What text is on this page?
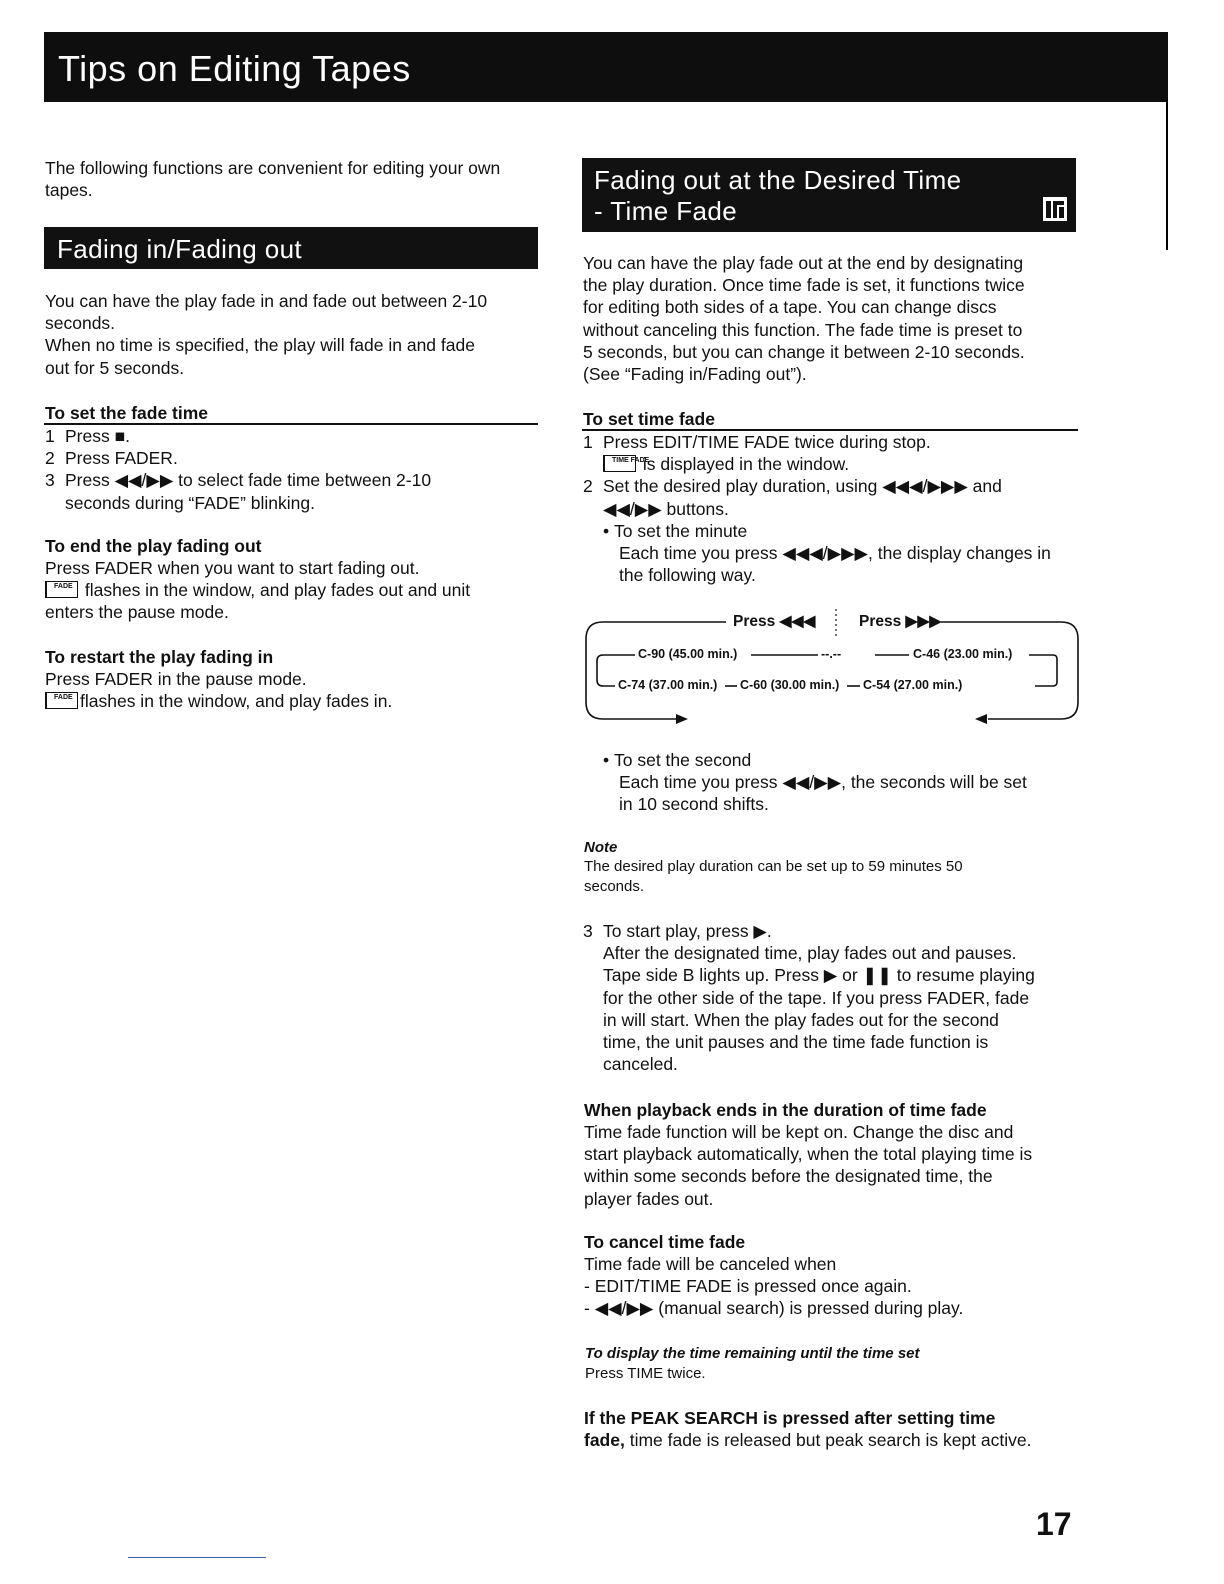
Tips on Editing Tapes
The following functions are convenient for editing your own
tapes.
Fading in/Fading out
You can have the play fade in and fade out between 2-10
seconds.
When no time is specified, the play will fade in and fade
out for 5 seconds.
To set the fade time
1 Press ■.
2 Press FADER.
3 Press ◀◀/▶▶ to select fade time between 2-10
seconds during “FADE” blinking.
To end the play fading out
Press FADER when you want to start fading out.
FADE flashes in the window, and play fades out and unit
enters the pause mode.
To restart the play fading in
Press FADER in the pause mode.
FADE flashes in the window, and play fades in.
Fading out at the Desired Time
- Time Fade
You can have the play fade out at the end by designating
the play duration. Once time fade is set, it functions twice
for editing both sides of a tape. You can change discs
without canceling this function. The fade time is preset to
5 seconds, but you can change it between 2-10 seconds.
(See “Fading in/Fading out”).
To set time fade
1 Press EDIT/TIME FADE twice during stop.
TIME FADE
is displayed in the window.
2 Set the desired play duration, using ◀◀◀/▶▶▶ and
◀◀/▶▶ buttons.
• To set the minute
Each time you press ◀◀◀/▶▶▶, the display changes in
the following way.
Press ◀◀◀	Press ▶▶▶
C-90 (45.00 min.)	--.--	C-46 (23.00 min.)
C-74 (37.00 min.) C-60 (30.00 min.) C-54 (27.00 min.)
• To set the second
Each time you press ◀◀/▶▶, the seconds will be set
in 10 second shifts.
Note
The desired play duration can be set up to 59 minutes 50
seconds.
3 To start play, press ▶.
After the designated time, play fades out and pauses.
Tape side B lights up. Press ▶ or ❚❚ to resume playing
for the other side of the tape. If you press FADER, fade
in will start. When the play fades out for the second
time, the unit pauses and the time fade function is
canceled.
When playback ends in the duration of time fade
Time fade function will be kept on. Change the disc and
start playback automatically, when the total playing time is
within some seconds before the designated time, the
player fades out.
To cancel time fade
Time fade will be canceled when
- EDIT/TIME FADE is pressed once again.
- ◀◀/▶▶ (manual search) is pressed during play.
To display the time remaining until the time set
Press TIME twice.
If the PEAK SEARCH is pressed after setting time
fade, time fade is released but peak search is kept active.
17
